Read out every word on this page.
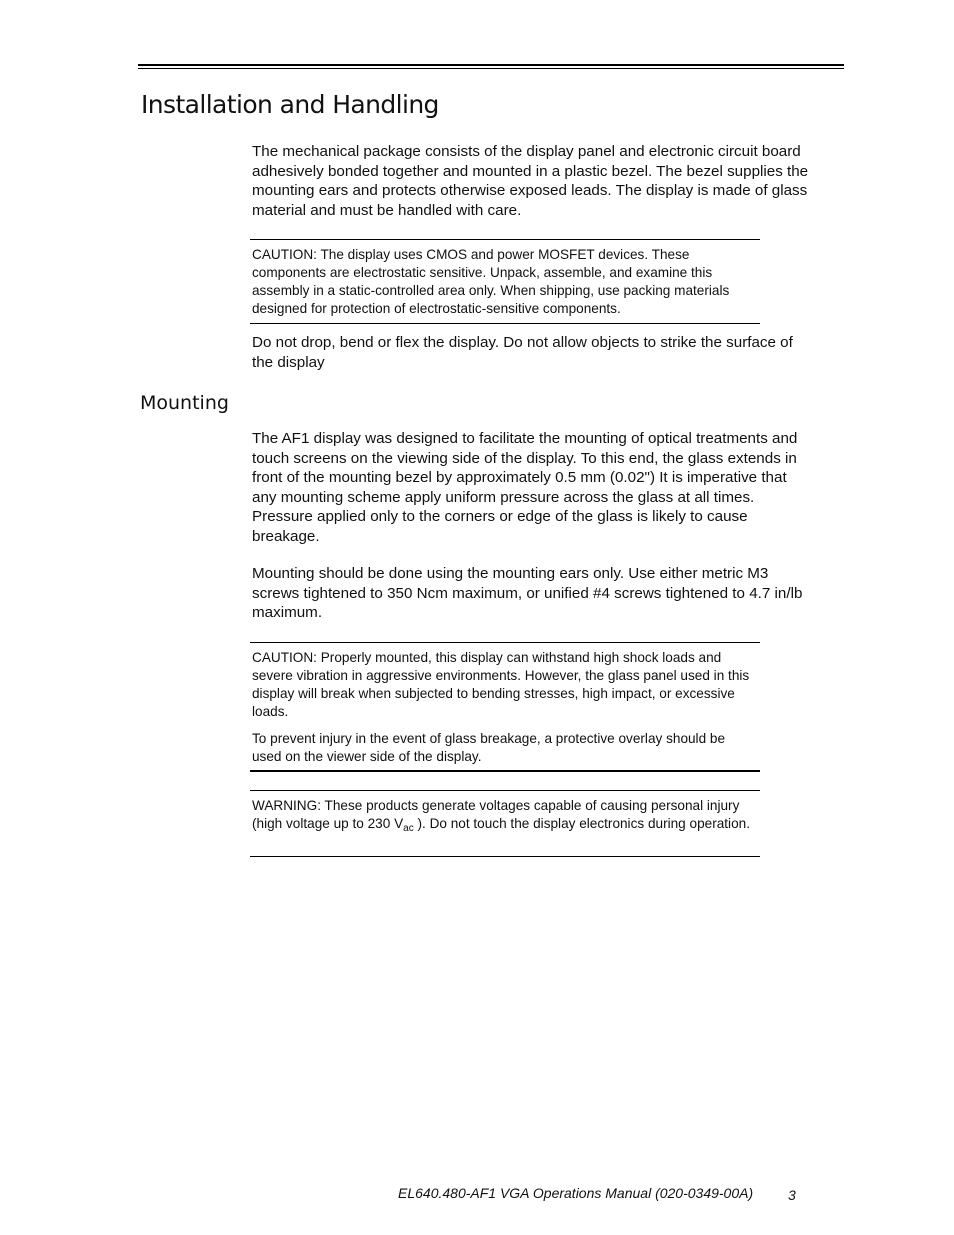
Installation and Handling

The mechanical package consists of the display panel and electronic circuit board adhesively bonded together and mounted in a plastic bezel. The bezel supplies the mounting ears and protects otherwise exposed leads. The display is made of glass material and must be handled with care.

CAUTION: The display uses CMOS and power MOSFET devices. These components are electrostatic sensitive. Unpack, assemble, and examine this assembly in a static-controlled area only. When shipping, use packing materials designed for protection of electrostatic-sensitive components.

Do not drop, bend or flex the display. Do not allow objects to strike the surface of the display

Mounting

The AF1 display was designed to facilitate the mounting of optical treatments and touch screens on the viewing side of the display. To this end, the glass extends in front of the mounting bezel by approximately 0.5 mm (0.02") It is imperative that any mounting scheme apply uniform pressure across the glass at all times. Pressure applied only to the corners or edge of the glass is likely to cause breakage.

Mounting should be done using the mounting ears only. Use either metric M3 screws tightened to 350 Ncm maximum, or unified #4 screws tightened to 4.7 in/lb maximum.

CAUTION: Properly mounted, this display can withstand high shock loads and severe vibration in aggressive environments. However, the glass panel used in this display will break when subjected to bending stresses, high impact, or excessive loads.

To prevent injury in the event of glass breakage, a protective overlay should be used on the viewer side of the display.

WARNING: These products generate voltages capable of causing personal injury (high voltage up to 230 $V_{ac}$ ). Do not touch the display electronics during operation.

EL640.480-AF1 VGA Operations Manual (020-0349-00A) 3
